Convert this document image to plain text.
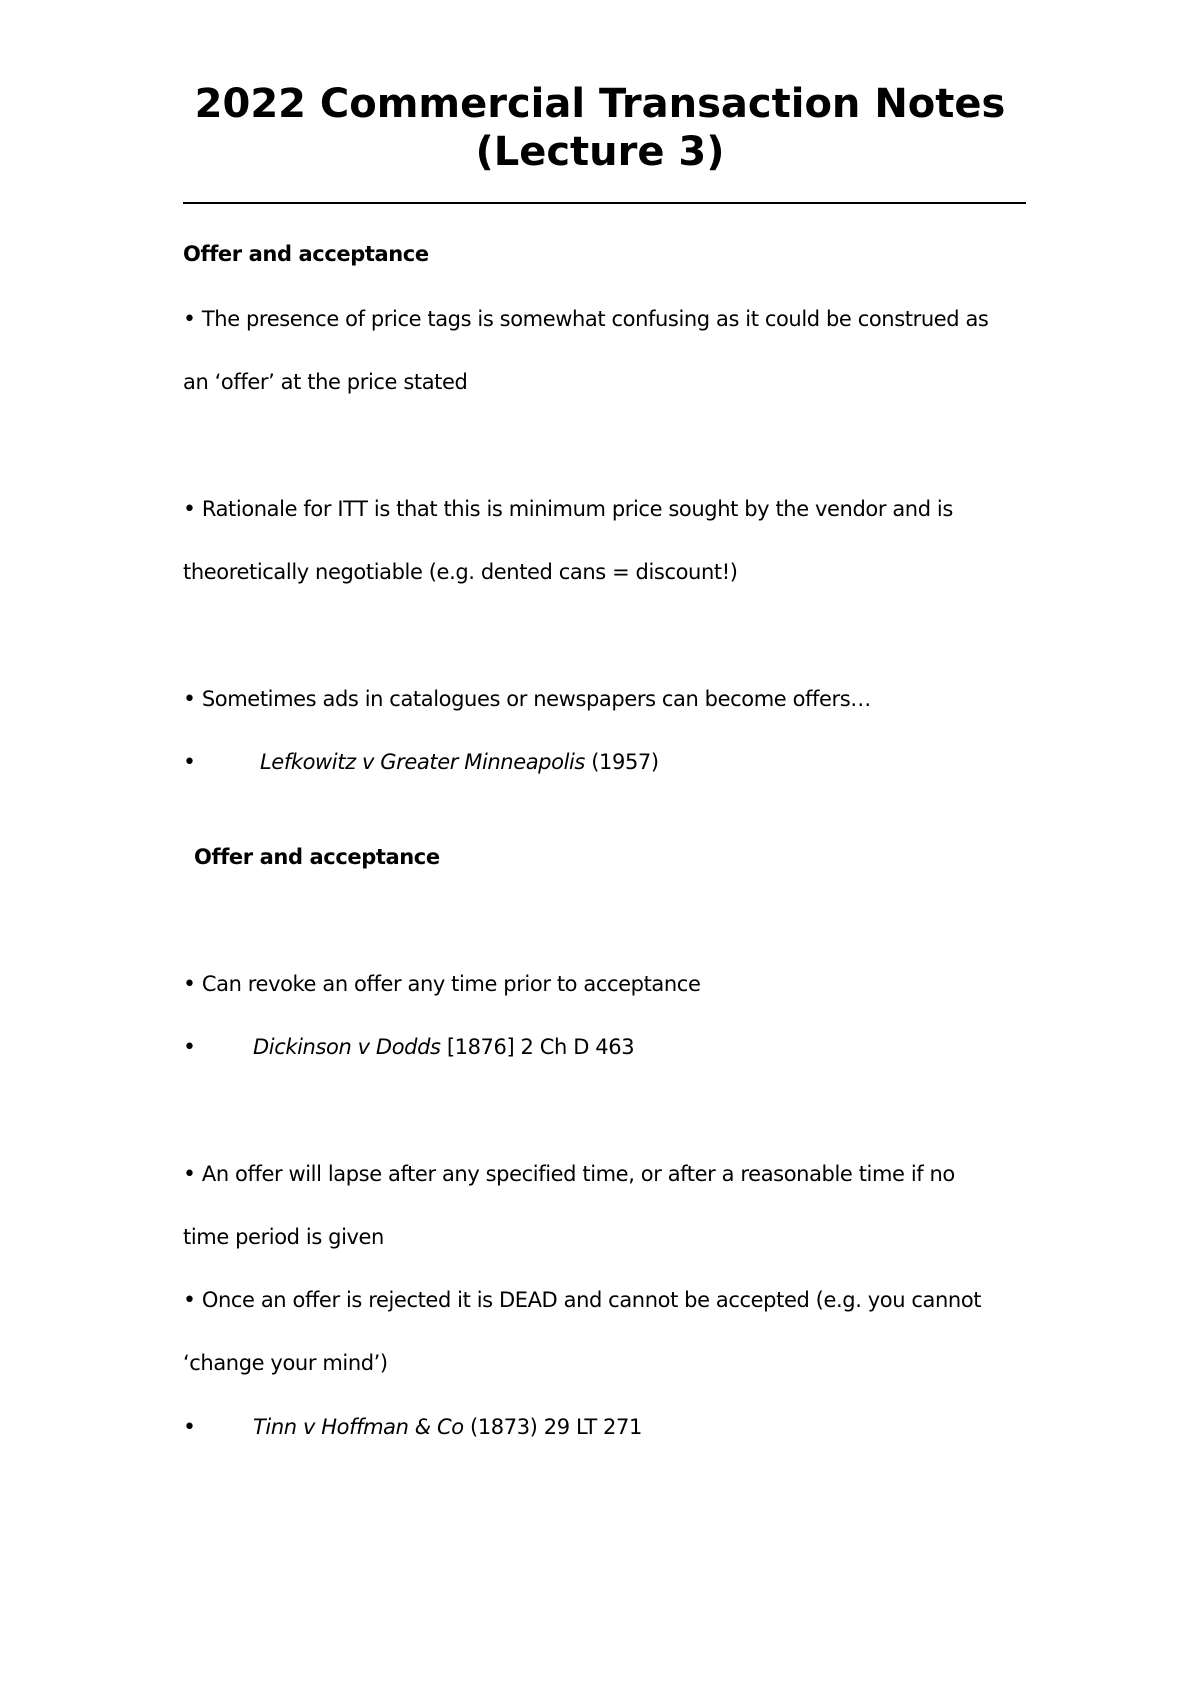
2022 Commercial Transaction Notes
(Lecture 3)
Offer and acceptance
• The presence of price tags is somewhat confusing as it could be construed as
an ‘offer’ at the price stated
• Rationale for ITT is that this is minimum price sought by the vendor and is
theoretically negotiable (e.g. dented cans = discount!)
• Sometimes ads in catalogues or newspapers can become offers…
•	Lefkowitz v Greater Minneapolis (1957)
Offer and acceptance
• Can revoke an offer any time prior to acceptance
•	Dickinson v Dodds [1876] 2 Ch D 463
• An offer will lapse after any specified time, or after a reasonable time if no
time period is given
• Once an offer is rejected it is DEAD and cannot be accepted (e.g. you cannot
‘change your mind’)
•	Tinn v Hoffman & Co (1873) 29 LT 271
